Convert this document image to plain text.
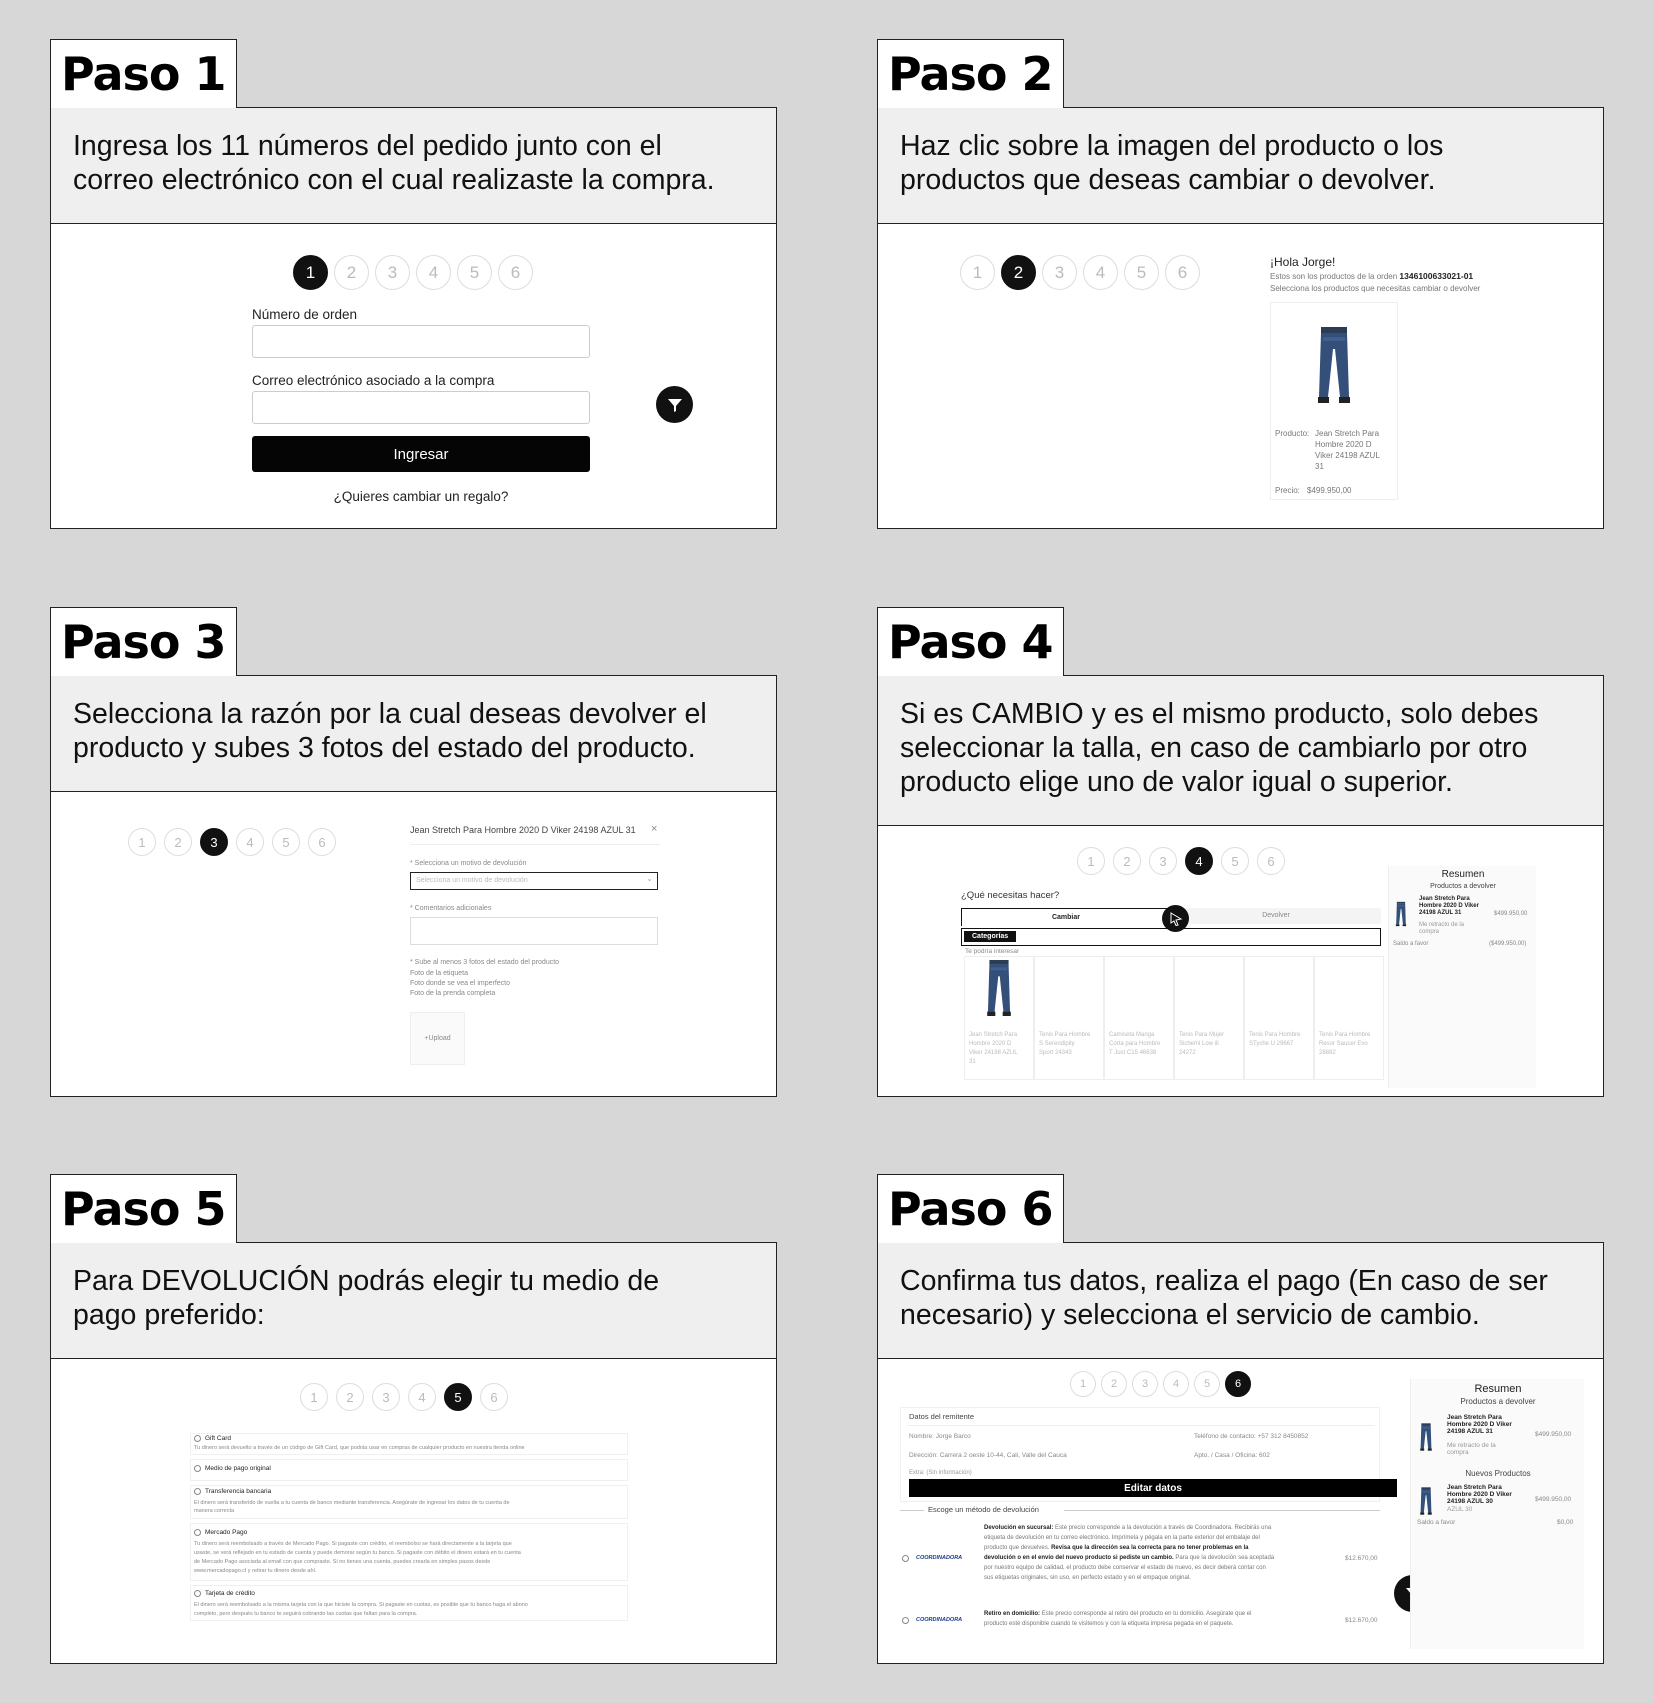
Paso 1
Ingresa los 11 números del pedido junto con el
correo electrónico con el cual realizaste la compra.
1	2	3	4	5	6
Número de orden
Correo electrónico asociado a la compra
Ingresar
¿Quieres cambiar un regalo?
Paso 2
Haz clic sobre la imagen del producto o los
productos que deseas cambiar o devolver.
1	2	3	4	5	6
¡Hola Jorge!
Estos son los productos de la orden 1346100633021-01
Selecciona los productos que necesitas cambiar o devolver
Producto: Jean Stretch Para
Hombre 2020 D
Viker 24198 AZUL
31
Precio: $499.950,00
Paso 3
Selecciona la razón por la cual deseas devolver el
producto y subes 3 fotos del estado del producto.
1	2	3	4	5	6
Jean Stretch Para Hombre 2020 D Viker 24198 AZUL 31 ×
* Selecciona un motivo de devolución
Selecciona un motivo de devolución	⌄
* Comentarios adicionales
* Sube al menos 3 fotos del estado del producto
Foto de la etiqueta
Foto donde se vea el imperfecto
Foto de la prenda completa
+Upload
Paso 4
Si es CAMBIO y es el mismo producto, solo debes
seleccionar la talla, en caso de cambiarlo por otro
producto elige uno de valor igual o superior.
1	2	3	4	5	6
¿Qué necesitas hacer?
Cambiar	Devolver
Categorías
Te podría interesar
Jean Stretch Para
Hombre 2020 D
Viker 24198 AZUL
31
Tenis Para Hombre
S Serendipity
Sport 24343
Camiseta Manga
Corta para Hombre
T Just C15 46638
Tenis Para Mujer
Sichemi Low ill
24272
Tenis Para Hombre
STyche U 29667
Tenis Para Hombre
Resor Saucer Evo
28882
Resumen
Productos a devolver
Jean Stretch Para
Hombre 2020 D Viker
24198 AZUL 31	$499.950,00
Me retracto de la
compra
Saldo a favor	($499.950,00)
Paso 5
Para DEVOLUCIÓN podrás elegir tu medio de
pago preferido:
1	2	3	4	5	6
Gift Card
Tu dinero será devuelto a través de un código de Gift Card, que podrás usar en compras de cualquier producto en nuestra tienda online
Medio de pago original
Transferencia bancaria
El dinero será transferido de vuelta a tu cuenta de banco mediante transferencia. Asegúrate de ingresar los datos de tu cuenta de
manera correcta
Mercado Pago
Tu dinero será reembolsado a través de Mercado Pago. Si pagaste con crédito, el reembolso se hará directamente a la tarjeta que
usaste, se verá reflejado en tu estado de cuenta y puede demorar según tu banco. Si pagaste con débito el dinero estará en tu cuenta
de Mercado Pago asociada al email con que compraste. Si no tienes una cuenta, puedes crearla en simples pasos desde
www.mercadopago.cl y retirar tu dinero desde ahí.
Tarjeta de crédito
El dinero será reembolsado a la misma tarjeta con la que hiciste la compra. Si pagaste en cuotas, es posible que tu banco haga el abono
completo, pero después tu banco te seguirá cobrando las cuotas que faltan para la compra.
Paso 6
Confirma tus datos, realiza el pago (En caso de ser
necesario) y selecciona el servicio de cambio.
1	2	3	4	5	6
Datos del remitente
Nombre: Jorge Barco	Teléfono de contacto: +57 312 8450852
Dirección: Carrera 2 oeste 10-44, Cali, Valle del Cauca	Apto. / Casa / Oficina: 602
Extra: (Sin información)
Editar datos
Escoge un método de devolución
COORDINADORA
Devolución en sucursal: Este precio corresponde a la devolución a través de Coordinadora. Recibirás una
etiqueta de devolución en tu correo electrónico. Imprímela y pégala en la parte exterior del embalaje del
producto que devuelves. Revisa que la dirección sea la correcta para no tener problemas en la
devolución o en el envío del nuevo producto si pediste un cambio. Para que la devolución sea aceptada
por nuestro equipo de calidad, el producto debe conservar el estado de nuevo, es decir deberá contar con
sus etiquetas originales, sin uso, en perfecto estado y en el empaque original.
$12.670,00
COORDINADORA
Retiro en domicilio: Este precio corresponde al retiro del producto en tu domicilio. Asegúrate que el
producto esté disponible cuando te visitemos y con la etiqueta impresa pegada en el paquete.	$12.670,00
Resumen
Productos a devolver
Jean Stretch Para
Hombre 2020 D Viker
24198 AZUL 31	$499.950,00
Me retracto de la
compra
Nuevos Productos
Jean Stretch Para
Hombre 2020 D Viker
24198 AZUL 30
AZUL 30
$499.950,00
Saldo a favor	$0,00
